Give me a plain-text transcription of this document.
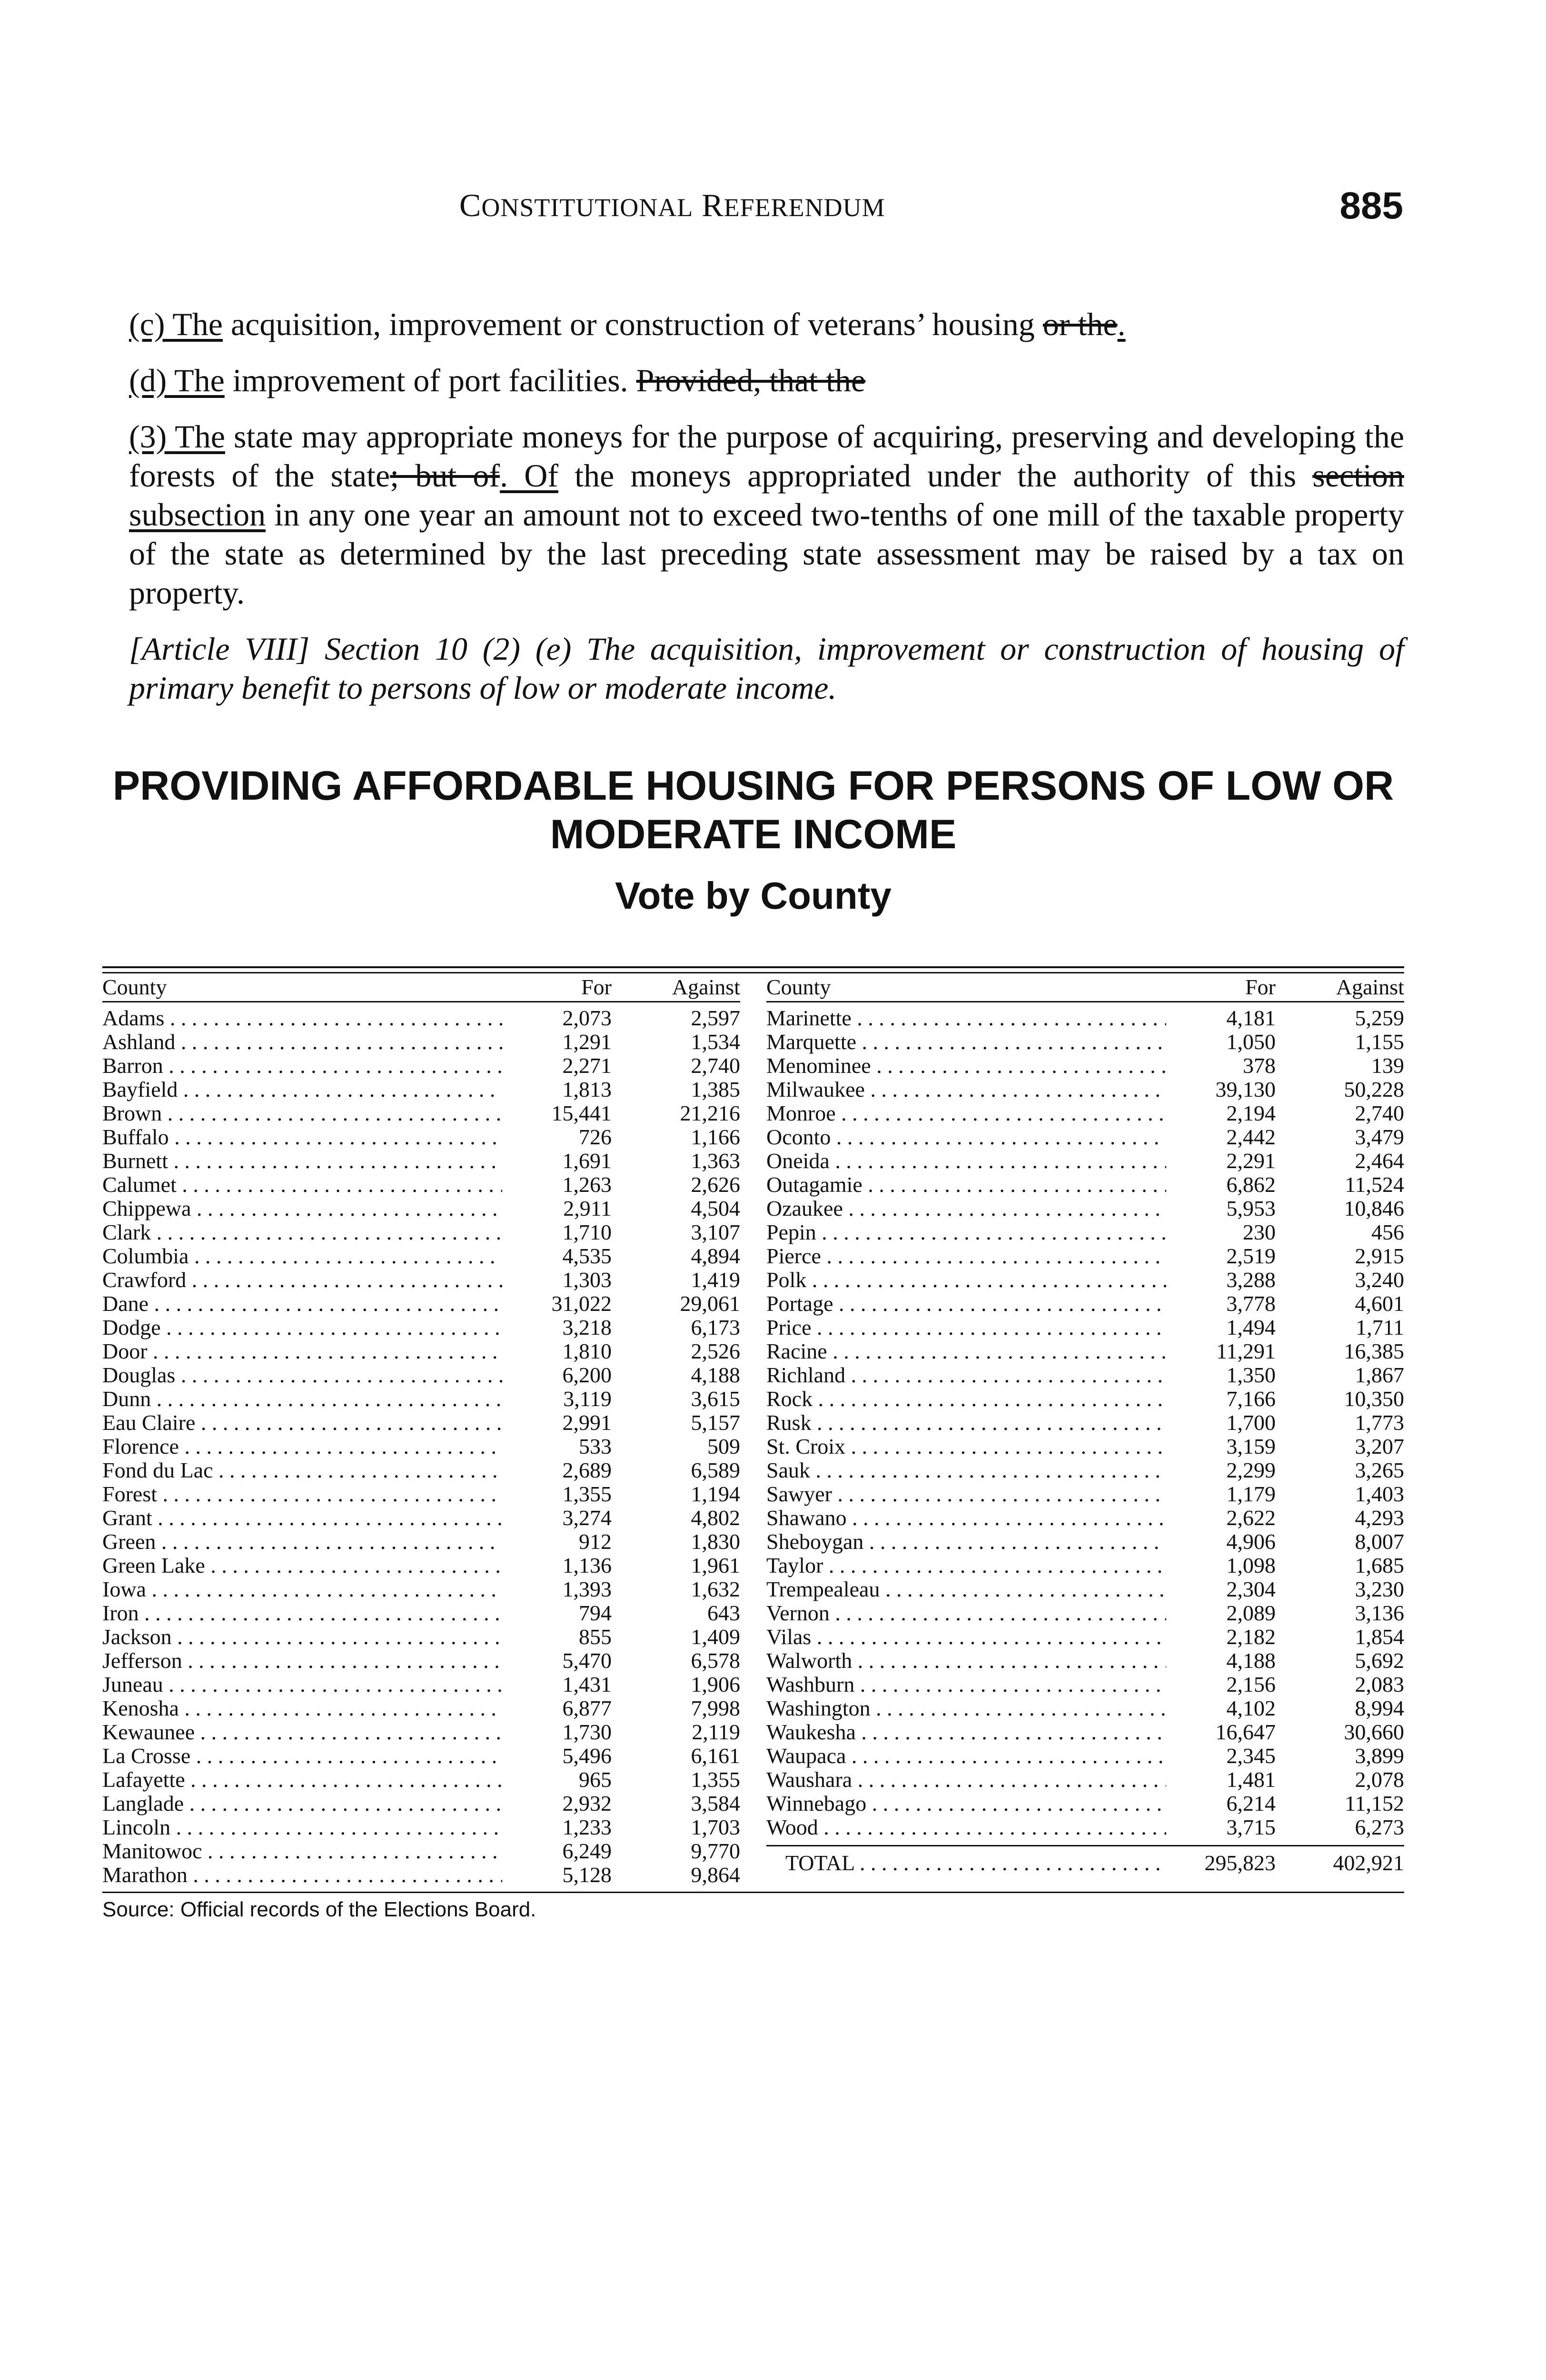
CONSTITUTIONAL REFERENDUM	885

(c) The acquisition, improvement or construction of veterans’ housing or the.

(d) The improvement of port facilities. Provided, that the

(3) The state may appropriate moneys for the purpose of acquiring, preserving and developing the forests of the state; but of. Of the moneys appropriated under the authority of this section subsection in any one year an amount not to exceed two-tenths of one mill of the taxable property of the state as determined by the last preceding state assessment may be raised by a tax on property.

[Article VIII] Section 10 (2) (e) The acquisition, improvement or construction of housing of primary benefit to persons of low or moderate income.

PROVIDING AFFORDABLE HOUSING FOR PERSONS OF LOW OR MODERATE INCOME
Vote by County
County	For	Against
Adams . . .	2,073	2,597
Ashland . . .	1,291	1,534
Barron . . .	2,271	2,740
Bayfield . . .	1,813	1,385
Brown . . .	15,441	21,216
Buffalo . . .	726	1,166
Burnett . . .	1,691	1,363
Calumet . . .	1,263	2,626
Chippewa . . .	2,911	4,504
Clark . . .	1,710	3,107
Columbia . . .	4,535	4,894
Crawford . . .	1,303	1,419
Dane . . .	31,022	29,061
Dodge . . .	3,218	6,173
Door . . .	1,810	2,526
Douglas . . .	6,200	4,188
Dunn . . .	3,119	3,615
Eau Claire . . .	2,991	5,157
Florence . . .	533	509
Fond du Lac . . .	2,689	6,589
Forest . . .	1,355	1,194
Grant . . .	3,274	4,802
Green . . .	912	1,830
Green Lake . . .	1,136	1,961
Iowa . . .	1,393	1,632
Iron . . .	794	643
Jackson . . .	855	1,409
Jefferson . . .	5,470	6,578
Juneau . . .	1,431	1,906
Kenosha . . .	6,877	7,998
Kewaunee . . .	1,730	2,119
La Crosse . . .	5,496	6,161
Lafayette . . .	965	1,355
Langlade . . .	2,932	3,584
Lincoln . . .	1,233	1,703
Manitowoc . . .	6,249	9,770
Marathon . . .	5,128	9,864
County	For	Against
Marinette . . .	4,181	5,259
Marquette . . .	1,050	1,155
Menominee . . .	378	139
Milwaukee . . .	39,130	50,228
Monroe . . .	2,194	2,740
Oconto . . .	2,442	3,479
Oneida . . .	2,291	2,464
Outagamie . . .	6,862	11,524
Ozaukee . . .	5,953	10,846
Pepin . . .	230	456
Pierce . . .	2,519	2,915
Polk . . .	3,288	3,240
Portage . . .	3,778	4,601
Price . . .	1,494	1,711
Racine . . .	11,291	16,385
Richland . . .	1,350	1,867
Rock . . .	7,166	10,350
Rusk . . .	1,700	1,773
St. Croix . . .	3,159	3,207
Sauk . . .	2,299	3,265
Sawyer . . .	1,179	1,403
Shawano . . .	2,622	4,293
Sheboygan . . .	4,906	8,007
Taylor . . .	1,098	1,685
Trempealeau . . .	2,304	3,230
Vernon . . .	2,089	3,136
Vilas . . .	2,182	1,854
Walworth . . .	4,188	5,692
Washburn . . .	2,156	2,083
Washington . . .	4,102	8,994
Waukesha . . .	16,647	30,660
Waupaca . . .	2,345	3,899
Waushara . . .	1,481	2,078
Winnebago . . .	6,214	11,152
Wood . . .	3,715	6,273
TOTAL . . .	295,823	402,921
Source: Official records of the Elections Board.
